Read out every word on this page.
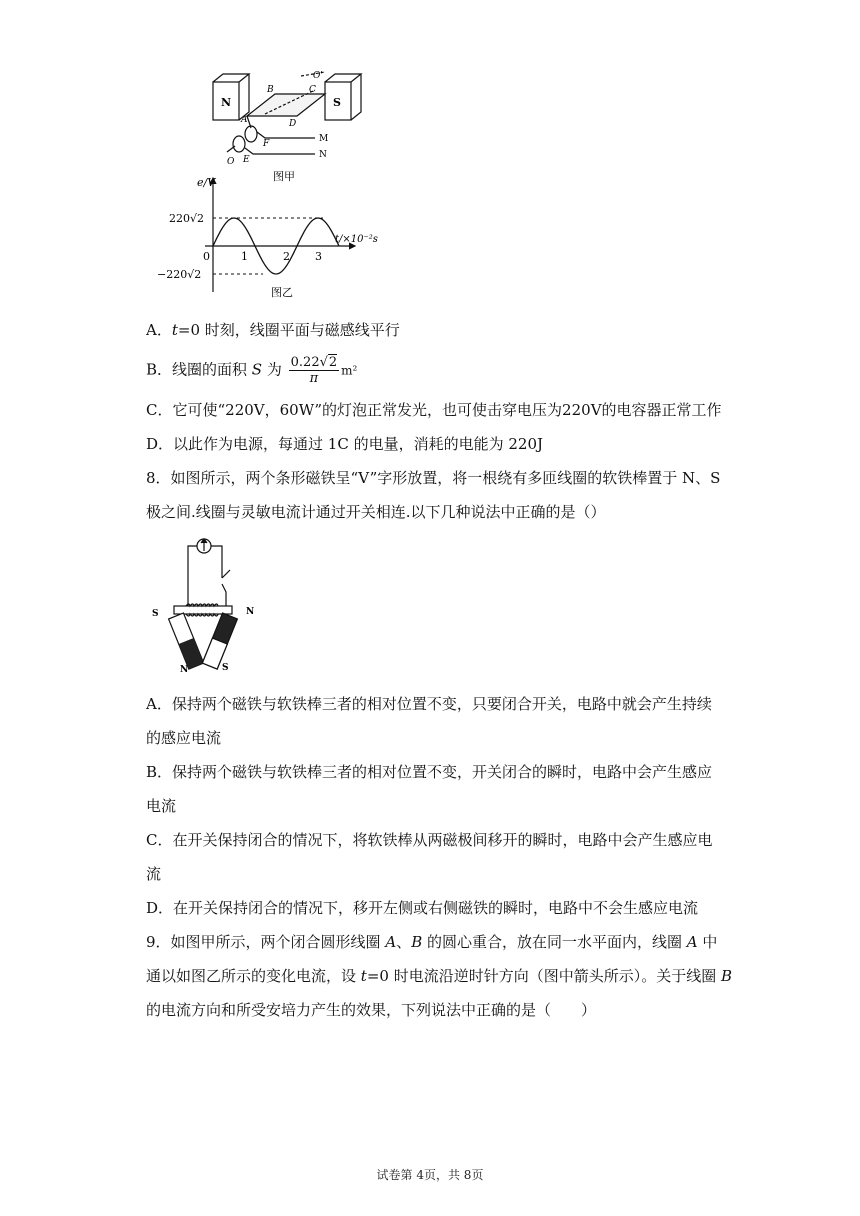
N	S
B	C
O'
A	D
F
E
O
M
N
图甲
e/V
t/×10⁻²s
220√2
−220√2
0	1	2 3
图乙
A．t=0 时刻，线圈平面与磁感线平行
B．线圈的面积 S 为 $\frac{0.22√2}{\pi} m^2$
C．它可使“220V，60W”的灯泡正常发光，也可使击穿电压为220V的电容器正常工作
D．以此作为电源，每通过 1C 的电量，消耗的电能为 220J
8．如图所示，两个条形磁铁呈“V”字形放置，将一根绕有多匝线圈的软铁棒置于 N、S
极之间.线圈与灵敏电流计通过开关相连.以下几种说法中正确的是（）
S	N
N	S
A．保持两个磁铁与软铁棒三者的相对位置不变，只要闭合开关，电路中就会产生持续
的感应电流
B．保持两个磁铁与软铁棒三者的相对位置不变，开关闭合的瞬时，电路中会产生感应
电流
C．在开关保持闭合的情况下，将软铁棒从两磁极间移开的瞬时，电路中会产生感应电
流
D．在开关保持闭合的情况下，移开左侧或右侧磁铁的瞬时，电路中不会生感应电流
9．如图甲所示，两个闭合圆形线圈 A、B 的圆心重合，放在同一水平面内，线圈 A 中
通以如图乙所示的变化电流，设 t=0 时电流沿逆时针方向（图中箭头所示）。关于线圈 B
的电流方向和所受安培力产生的效果，下列说法中正确的是（　　）
试卷第 4页，共 8页
